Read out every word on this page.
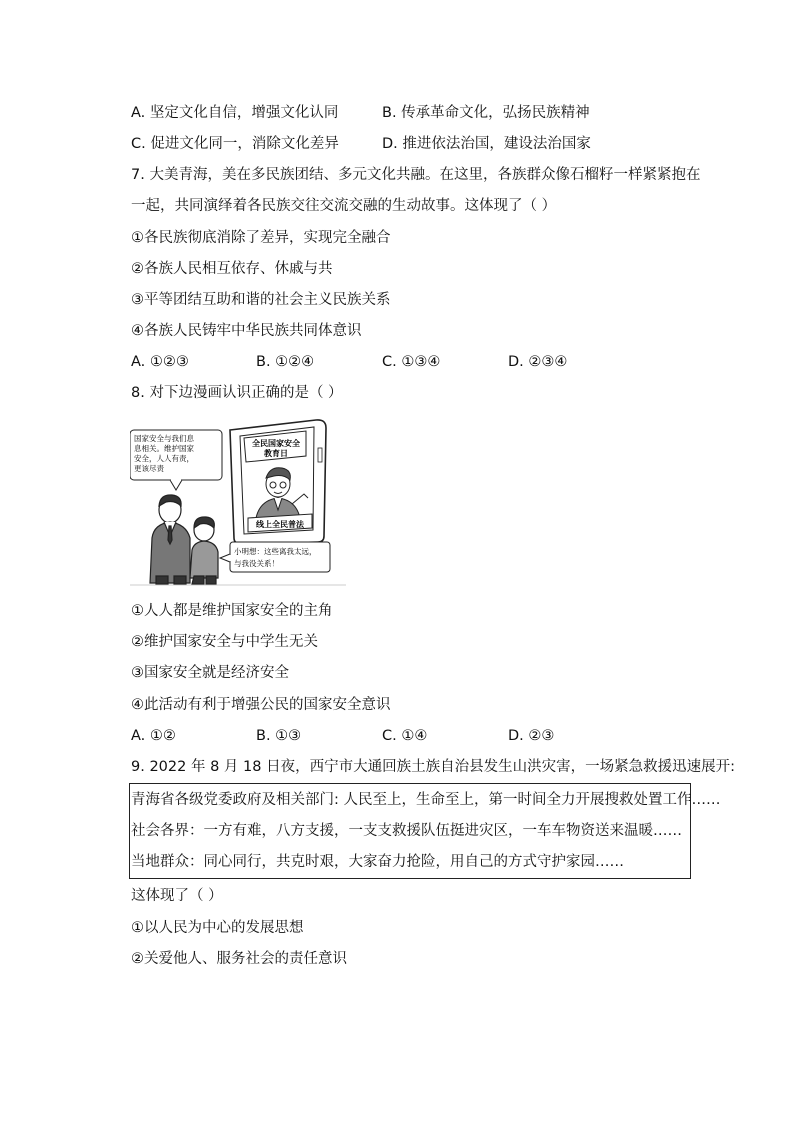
A. 坚定文化自信，增强文化认同	B. 传承革命文化，弘扬民族精神
C. 促进文化同一，消除文化差异	D. 推进依法治国，建设法治国家
7. 大美青海，美在多民族团结、多元文化共融。在这里，各族群众像石榴籽一样紧紧抱在
一起，共同演绎着各民族交往交流交融的生动故事。这体现了（ ）
①各民族彻底消除了差异，实现完全融合
②各族人民相互依存、休戚与共
③平等团结互助和谐的社会主义民族关系
④各族人民铸牢中华民族共同体意识
A. ①②③	B. ①②④	C. ①③④	D. ②③④
8. 对下边漫画认识正确的是（ ）
全民国家安全
教育日
线上全民普法
国家安全与我们息
息相关。维护国家
安全，人人有责，
更该尽责
小明想：这些离我太远，
与我没关系！
①人人都是维护国家安全的主角
②维护国家安全与中学生无关
③国家安全就是经济安全
④此活动有利于增强公民的国家安全意识
A. ①②	B. ①③	C. ①④	D. ②③
9. 2022 年 8 月 18 日夜，西宁市大通回族土族自治县发生山洪灾害，一场紧急救援迅速展开:
青海省各级党委政府及相关部门: 人民至上，生命至上，第一时间全力开展搜救处置工作……
社会各界：一方有难，八方支援，一支支救援队伍挺进灾区，一车车物资送来温暖……
当地群众：同心同行，共克时艰，大家奋力抢险，用自己的方式守护家园……
这体现了（ ）
①以人民为中心的发展思想
②关爱他人、服务社会的责任意识
